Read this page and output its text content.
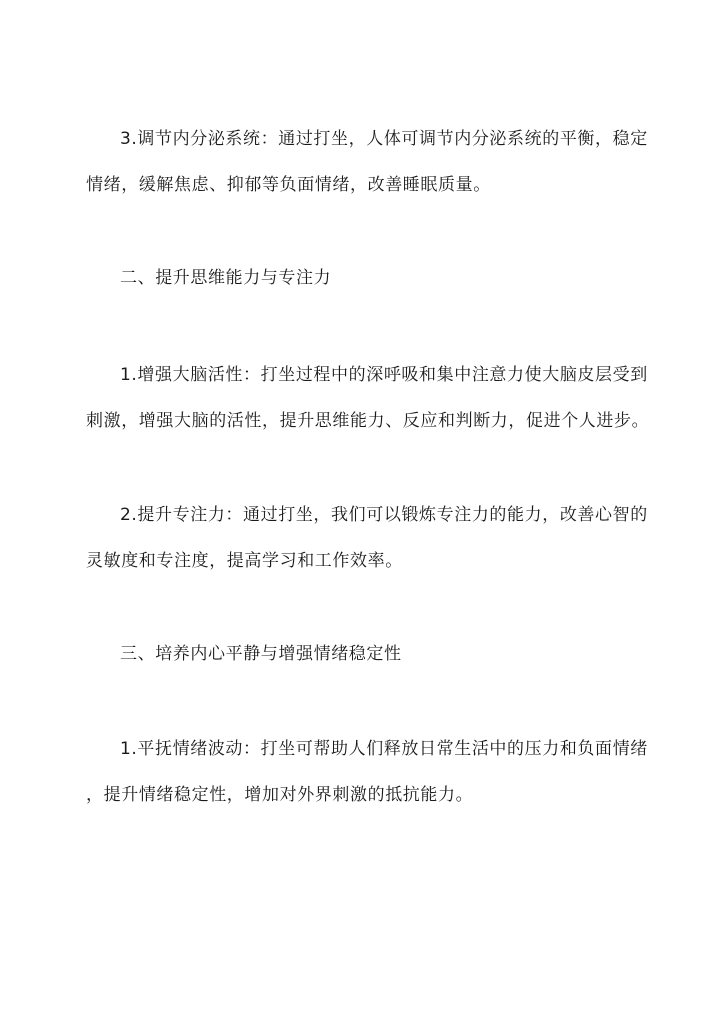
3.调节内分泌系统：通过打坐，人体可调节内分泌系统的平衡，稳定
情绪，缓解焦虑、抑郁等负面情绪，改善睡眠质量。

二、提升思维能力与专注力

1.增强大脑活性：打坐过程中的深呼吸和集中注意力使大脑皮层受到
刺激，增强大脑的活性，提升思维能力、反应和判断力，促进个人进步。

2.提升专注力：通过打坐，我们可以锻炼专注力的能力，改善心智的
灵敏度和专注度，提高学习和工作效率。

三、培养内心平静与增强情绪稳定性

1.平抚情绪波动：打坐可帮助人们释放日常生活中的压力和负面情绪
，提升情绪稳定性，增加对外界刺激的抵抗能力。
